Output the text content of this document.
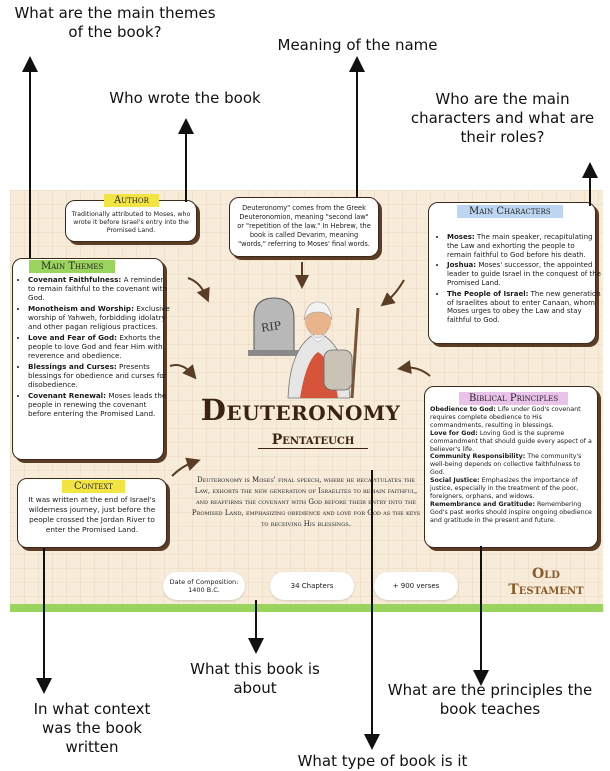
What are the main themes of the book?
Meaning of the name
Who wrote the book	Who are the main characters and what are their roles?
What this book is about	What are the principles the book teaches
In what context was the book written
What type of book is it
Author
Traditionally attributed to Moses, who wrote it before Israel's entry into the Promised Land.
Deuteronomy" comes from the Greek Deuteronomion, meaning "second law" or "repetition of the law." In Hebrew, the book is called Devarim, meaning "words," referring to Moses' final words.
Main Characters
• Moses: The main speaker, recapitulating the Law and exhorting the people to remain faithful to God before his death.
• Joshua: Moses' successor, the appointed leader to guide Israel in the conquest of the Promised Land.
• The People of Israel: The new generation of Israelites about to enter Canaan, whom Moses urges to obey the Law and stay faithful to God.
Main Themes
• Covenant Faithfulness: A reminder to remain faithful to the covenant with God.
• Monotheism and Worship: Exclusive worship of Yahweh, forbidding idolatry and other pagan religious practices.
• Love and Fear of God: Exhorts the people to love God and fear Him with reverence and obedience.
• Blessings and Curses: Presents blessings for obedience and curses for disobedience.
• Covenant Renewal: Moses leads the people in renewing the covenant before entering the Promised Land.
Biblical Principles
Obedience to God: Life under God's covenant requires complete obedience to His commandments, resulting in blessings.
Love for God: Loving God is the supreme commandment that should guide every aspect of a believer's life.
Community Responsibility: The community's well-being depends on collective faithfulness to God.
Social Justice: Emphasizes the importance of justice, especially in the treatment of the poor, foreigners, orphans, and widows.
Remembrance and Gratitude: Remembering God's past works should inspire ongoing obedience and gratitude in the present and future.
Context
It was written at the end of Israel's wilderness journey, just before the people crossed the Jordan River to enter the Promised Land.
RIP
Deuteronomy
Pentateuch
Deuteronomy is Moses' final speech, where he recapitulates the Law, exhorts the new generation of Israelites to remain faithful, and reaffirms the covenant with God before their entry into the Promised Land, emphasizing obedience and love for God as the keys to receiving His blessings.
Date of Composition: 1400 B.C.	34 Chapters	+ 900 verses
Old
Testament
